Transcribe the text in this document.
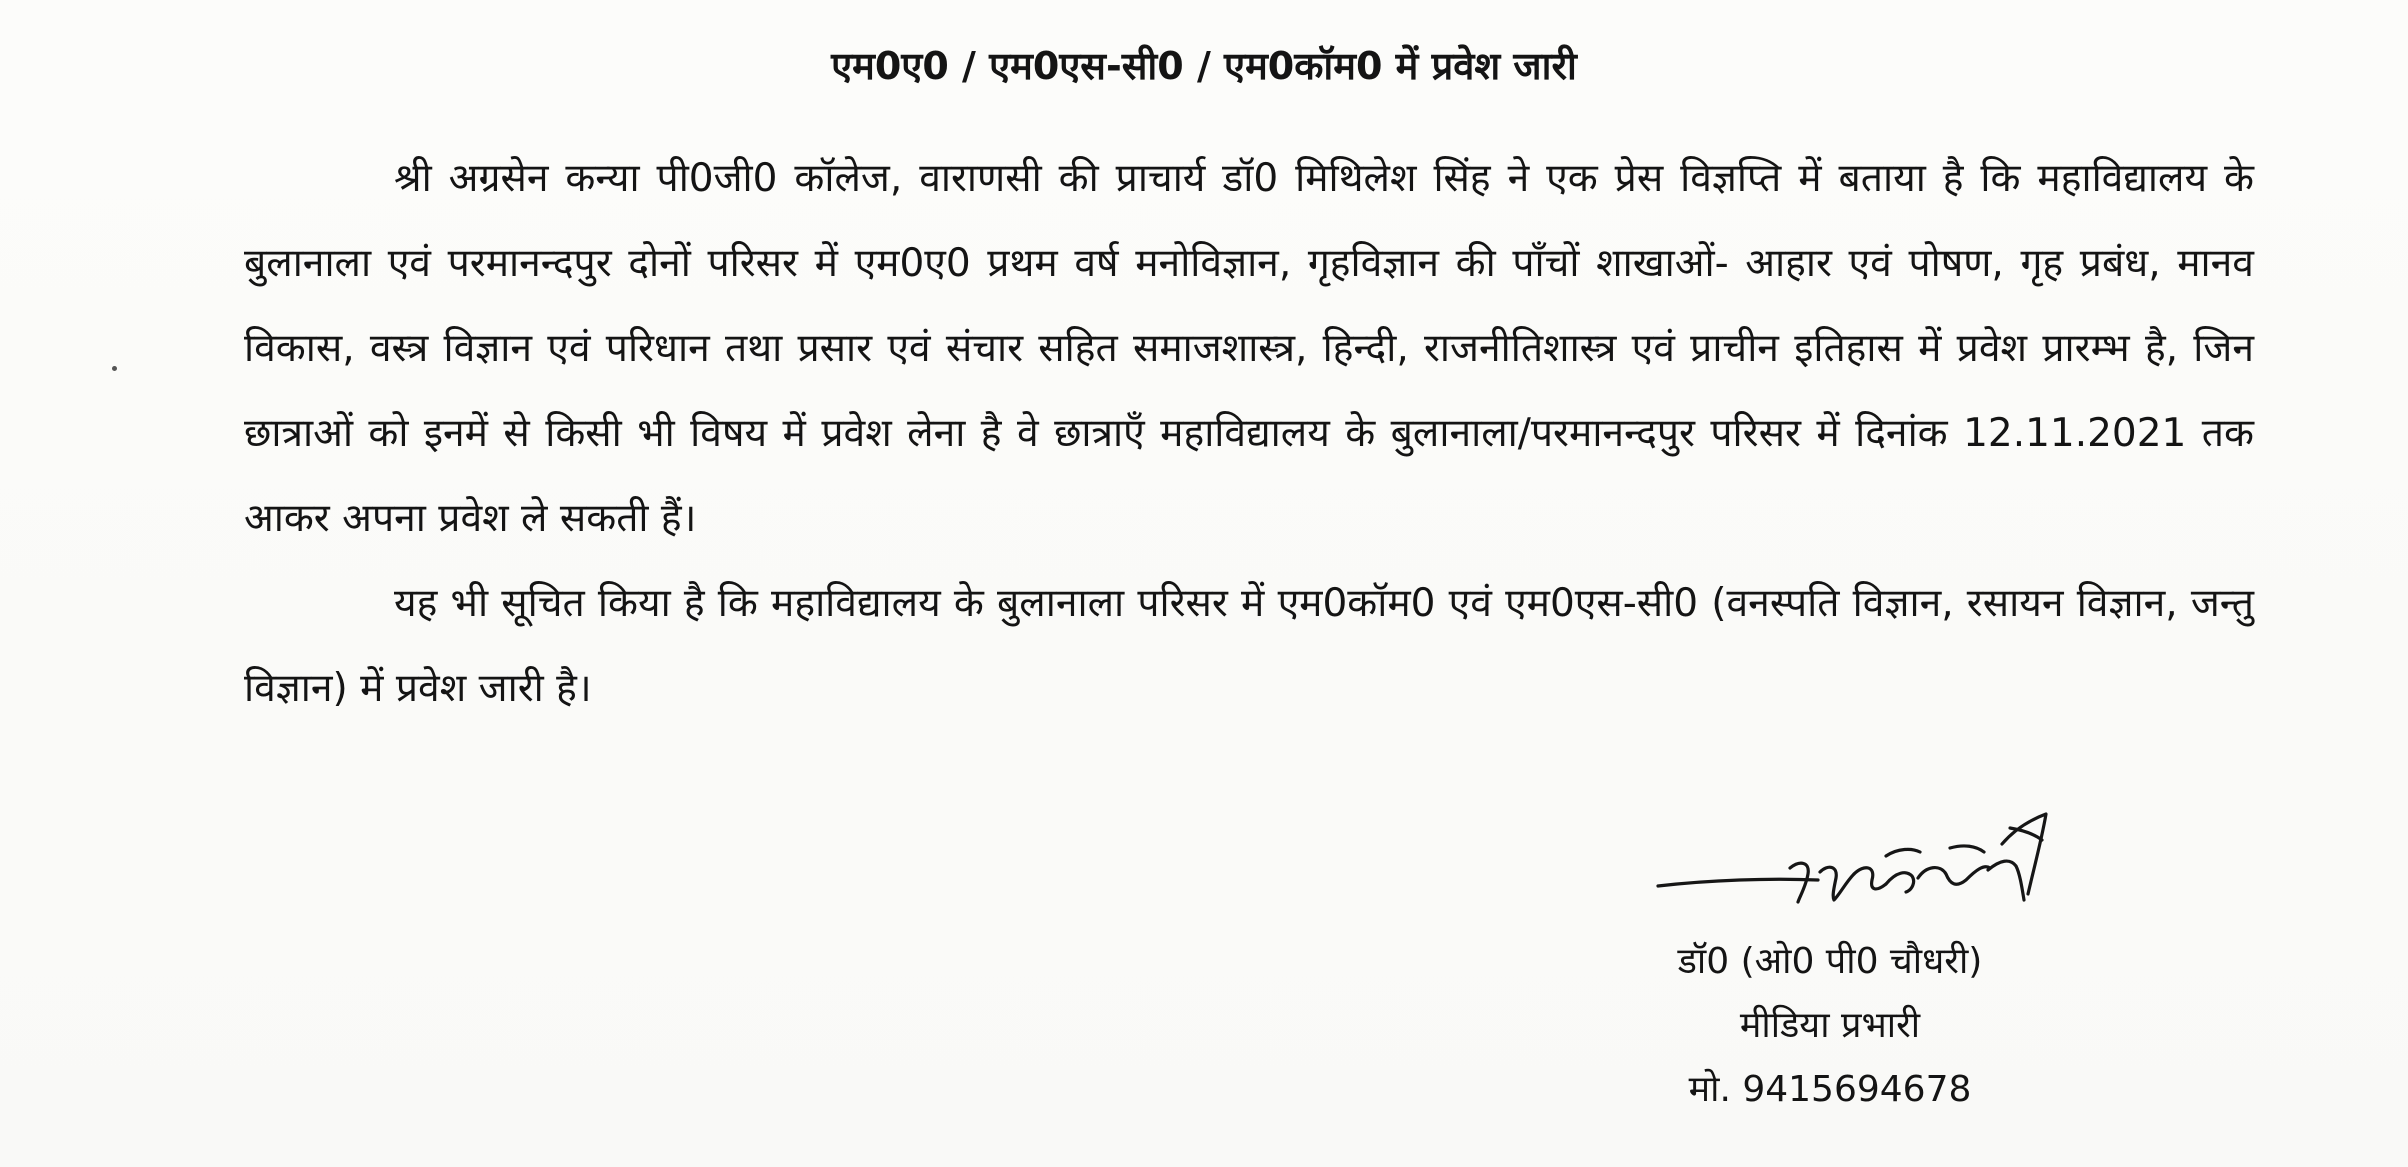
एम0ए0 / एम0एस-सी0 / एम0कॉम0 में प्रवेश जारी

श्री अग्रसेन कन्या पी0जी0 कॉलेज, वाराणसी की प्राचार्य डॉ0 मिथिलेश सिंह ने एक प्रेस विज्ञप्ति में बताया है कि महाविद्यालय के बुलानाला एवं परमानन्दपुर दोनों परिसर में एम0ए0 प्रथम वर्ष मनोविज्ञान, गृहविज्ञान की पाँचों शाखाओं- आहार एवं पोषण, गृह प्रबंध, मानव विकास, वस्त्र विज्ञान एवं परिधान तथा प्रसार एवं संचार सहित समाजशास्त्र, हिन्दी, राजनीतिशास्त्र एवं प्राचीन इतिहास में प्रवेश प्रारम्भ है, जिन छात्राओं को इनमें से किसी भी विषय में प्रवेश लेना है वे छात्राएँ महाविद्यालय के बुलानाला/परमानन्दपुर परिसर में दिनांक 12.11.2021 तक आकर अपना प्रवेश ले सकती हैं।

यह भी सूचित किया है कि महाविद्यालय के बुलानाला परिसर में एम0कॉम0 एवं एम0एस-सी0 (वनस्पति विज्ञान, रसायन विज्ञान, जन्तु विज्ञान) में प्रवेश जारी है।

डॉ0 (ओ0 पी0 चौधरी)
मीडिया प्रभारी
मो. 9415694678
